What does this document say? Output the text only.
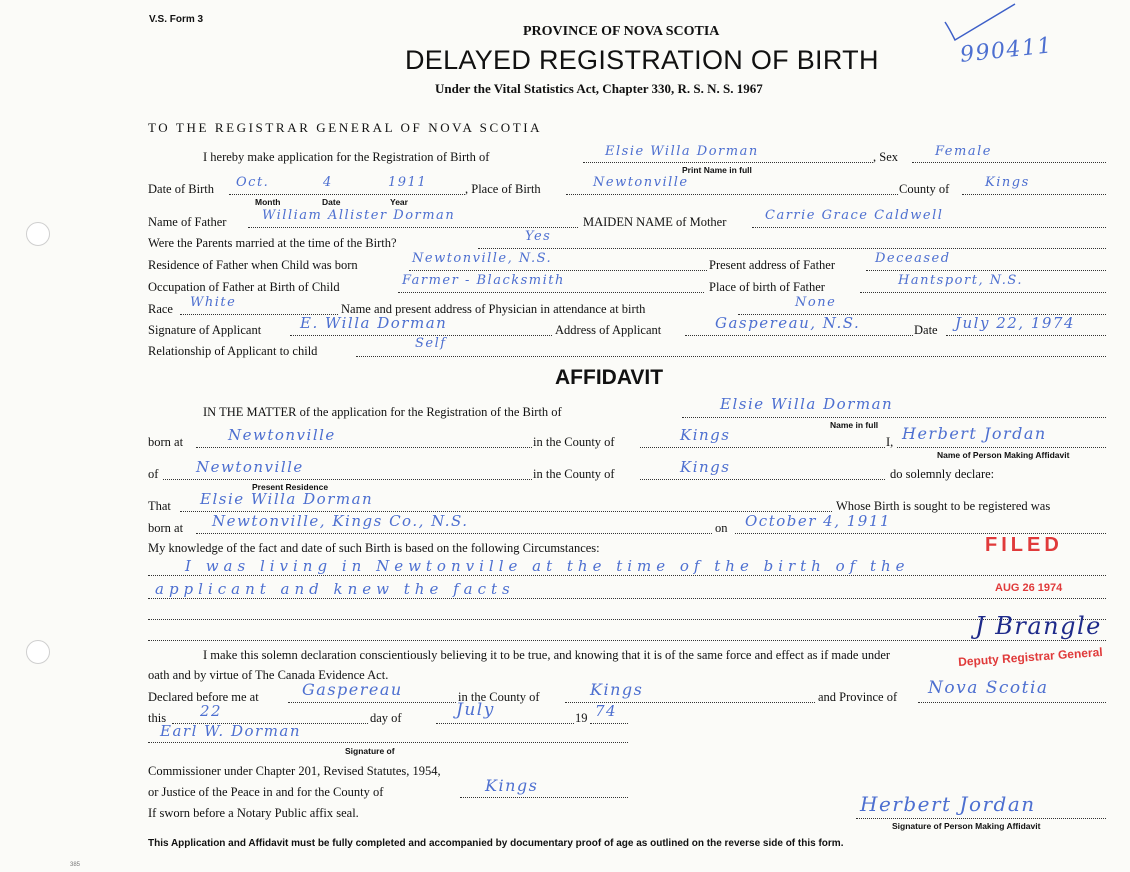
V.S. Form 3
PROVINCE OF NOVA SCOTIA
DELAYED REGISTRATION OF BIRTH
Under the Vital Statistics Act, Chapter 330, R. S. N. S. 1967
990411
TO THE REGISTRAR GENERAL OF NOVA SCOTIA
I hereby make application for the Registration of Birth of	Elsie Willa Dorman
Print Name in full
, Sex	Female
Date of Birth Oct.	4	1911
Month	Date	Year
, Place of Birth	Newtonville	County of	Kings
Name of Father	William Allister Dorman	MAIDEN NAME of Mother	Carrie Grace Caldwell
Were the Parents married at the time of the Birth?	Yes
Residence of Father when Child was born	Newtonville, N.S.	Present address of Father	Deceased
Occupation of Father at Birth of Child	Farmer - Blacksmith	Place of birth of Father	Hantsport, N.S.
Race White	Name and present address of Physician in attendance at birth	None
Signature of Applicant	E. Willa Dorman	Address of Applicant	Gaspereau, N.S.	Date July 22, 1974
Relationship of Applicant to child	Self
AFFIDAVIT
IN THE MATTER of the application for the Registration of the Birth of	Elsie Willa Dorman
Name in full
born at	Newtonville	in the County of	Kings	I, Herbert Jordan
Name of Person Making Affidavit
of	Newtonville
Present Residence
in the County of	Kings	do solemnly declare:
That Elsie Willa Dorman	Whose Birth is sought to be registered was
born at Newtonville, Kings Co., N.S.	on October 4, 1911
My knowledge of the fact and date of such Birth is based on the following Circumstances:
I was living in Newtonville at the time of the birth of the
applicant and knew the facts
I make this solemn declaration conscientiously believing it to be true, and knowing that it is of the same force and effect as if made under
oath and by virtue of The Canada Evidence Act.
Declared before me at	Gaspereau	in the County of	Kings	and Province of Nova Scotia
this 22	day of	July	19 74
Earl W. Dorman
Signature of
Commissioner under Chapter 201, Revised Statutes, 1954,
or Justice of the Peace in and for the County of	Kings
If sworn before a Notary Public affix seal.	Herbert Jordan
Signature of Person Making Affidavit
FILED
AUG 26 1974
J Brangle
Deputy Registrar General
This Application and Affidavit must be fully completed and accompanied by documentary proof of age as outlined on the reverse side of this form.
385
